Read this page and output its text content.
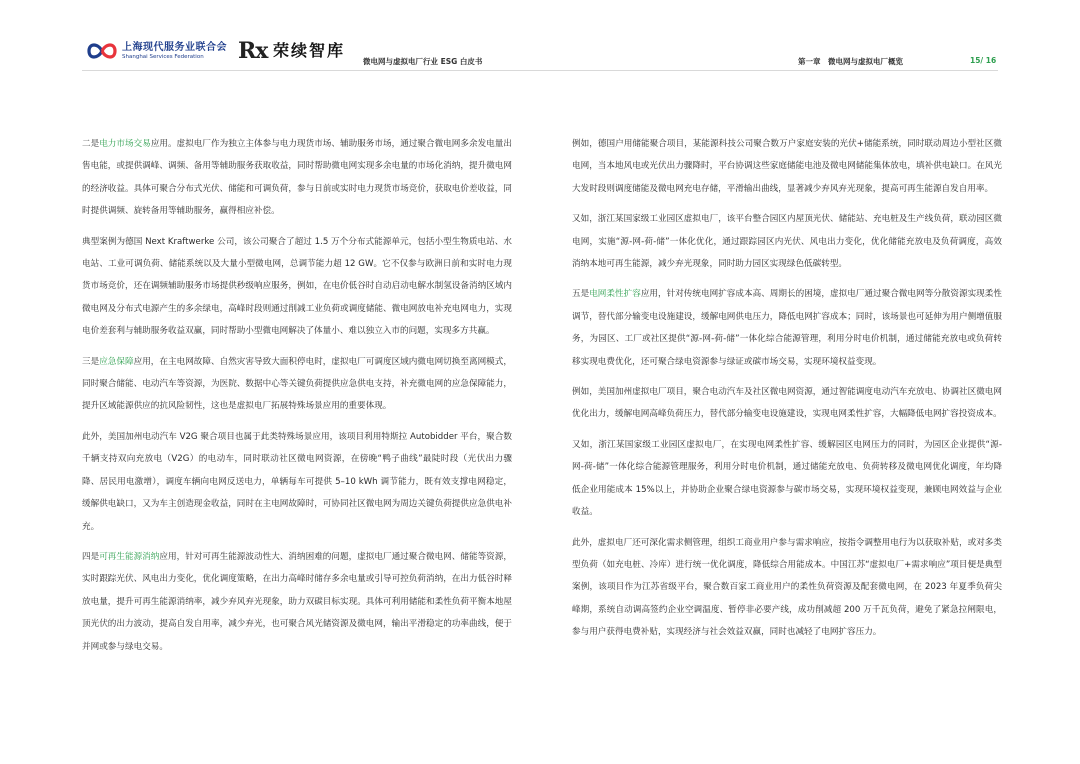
上海现代服务业联合会
Shanghai Services Federation	Rx 荣续智库
微电网与虚拟电厂行业 ESG 白皮书	第一章　微电网与虚拟电厂概览	15/ 16

二是电力市场交易应用。虚拟电厂作为独立主体参与电力现货市场、辅助服务市场，通过聚合微电网多余发电量出售电能，或提供调峰、调频、备用等辅助服务获取收益，同时帮助微电网实现多余电量的市场化消纳，提升微电网的经济收益。具体可聚合分布式光伏、储能和可调负荷，参与日前或实时电力现货市场竞价，获取电价差收益，同时提供调频、旋转备用等辅助服务，赢得相应补偿。

典型案例为德国 Next Kraftwerke 公司，该公司聚合了超过 1.5 万个分布式能源单元，包括小型生物质电站、水电站、工业可调负荷、储能系统以及大量小型微电网，总调节能力超 12 GW。它不仅参与欧洲日前和实时电力现货市场竞价，还在调频辅助服务市场提供秒级响应服务，例如，在电价低谷时自动启动电解水制氢设备消纳区域内微电网及分布式电源产生的多余绿电，高峰时段则通过削减工业负荷或调度储能、微电网放电补充电网电力，实现电价差套利与辅助服务收益双赢，同时帮助小型微电网解决了体量小、难以独立入市的问题，实现多方共赢。

三是应急保障应用，在主电网故障、自然灾害导致大面积停电时，虚拟电厂可调度区域内微电网切换至离网模式，同时聚合储能、电动汽车等资源，为医院、数据中心等关键负荷提供应急供电支持，补充微电网的应急保障能力，提升区域能源供应的抗风险韧性，这也是虚拟电厂拓展特殊场景应用的重要体现。

此外，美国加州电动汽车 V2G 聚合项目也属于此类特殊场景应用，该项目利用特斯拉 Autobidder 平台，聚合数千辆支持双向充放电（V2G）的电动车，同时联动社区微电网资源，在傍晚“鸭子曲线”最陡时段（光伏出力骤降、居民用电激增），调度车辆向电网反送电力，单辆每车可提供 5–10 kWh 调节能力，既有效支撑电网稳定，缓解供电缺口，又为车主创造现金收益，同时在主电网故障时，可协同社区微电网为周边关键负荷提供应急供电补充。

四是可再生能源消纳应用，针对可再生能源波动性大、消纳困难的问题，虚拟电厂通过聚合微电网、储能等资源，实时跟踪光伏、风电出力变化，优化调度策略，在出力高峰时储存多余电量或引导可控负荷消纳，在出力低谷时释放电量，提升可再生能源消纳率，减少弃风弃光现象，助力双碳目标实现。具体可利用储能和柔性负荷平衡本地屋顶光伏的出力波动，提高自发自用率，减少弃光，也可聚合风光储资源及微电网，输出平滑稳定的功率曲线，便于并网或参与绿电交易。

例如，德国户用储能聚合项目，某能源科技公司聚合数万户家庭安装的光伏+储能系统，同时联动周边小型社区微电网，当本地风电或光伏出力骤降时，平台协调这些家庭储能电池及微电网储能集体放电，填补供电缺口。在风光大发时段则调度储能及微电网充电存储，平滑输出曲线，显著减少弃风弃光现象，提高可再生能源自发自用率。

又如，浙江某国家级工业园区虚拟电厂，该平台整合园区内屋顶光伏、储能站、充电桩及生产线负荷，联动园区微电网，实施“源-网-荷-储”一体化优化，通过跟踪园区内光伏、风电出力变化，优化储能充放电及负荷调度，高效消纳本地可再生能源，减少弃光现象，同时助力园区实现绿色低碳转型。

五是电网柔性扩容应用，针对传统电网扩容成本高、周期长的困境，虚拟电厂通过聚合微电网等分散资源实现柔性调节，替代部分输变电设施建设，缓解电网供电压力，降低电网扩容成本；同时，该场景也可延伸为用户侧增值服务，为园区、工厂或社区提供“源-网-荷-储”一体化综合能源管理，利用分时电价机制，通过储能充放电或负荷转移实现电费优化，还可聚合绿电资源参与绿证或碳市场交易，实现环境权益变现。

例如，美国加州虚拟电厂项目，聚合电动汽车及社区微电网资源，通过智能调度电动汽车充放电、协调社区微电网优化出力，缓解电网高峰负荷压力，替代部分输变电设施建设，实现电网柔性扩容，大幅降低电网扩容投资成本。

又如，浙江某国家级工业园区虚拟电厂，在实现电网柔性扩容、缓解园区电网压力的同时，为园区企业提供“源-网-荷-储”一体化综合能源管理服务，利用分时电价机制，通过储能充放电、负荷转移及微电网优化调度，年均降低企业用能成本 15%以上，并协助企业聚合绿电资源参与碳市场交易，实现环境权益变现，兼顾电网效益与企业收益。

此外，虚拟电厂还可深化需求侧管理，组织工商业用户参与需求响应，按指令调整用电行为以获取补贴，或对多类型负荷（如充电桩、冷库）进行统一优化调度，降低综合用能成本。中国江苏“虚拟电厂+需求响应”项目便是典型案例，该项目作为江苏省级平台，聚合数百家工商业用户的柔性负荷资源及配套微电网，在 2023 年夏季负荷尖峰期，系统自动调高签约企业空调温度、暂停非必要产线，成功削减超 200 万千瓦负荷，避免了紧急拉闸限电，参与用户获得电费补贴，实现经济与社会效益双赢，同时也减轻了电网扩容压力。
